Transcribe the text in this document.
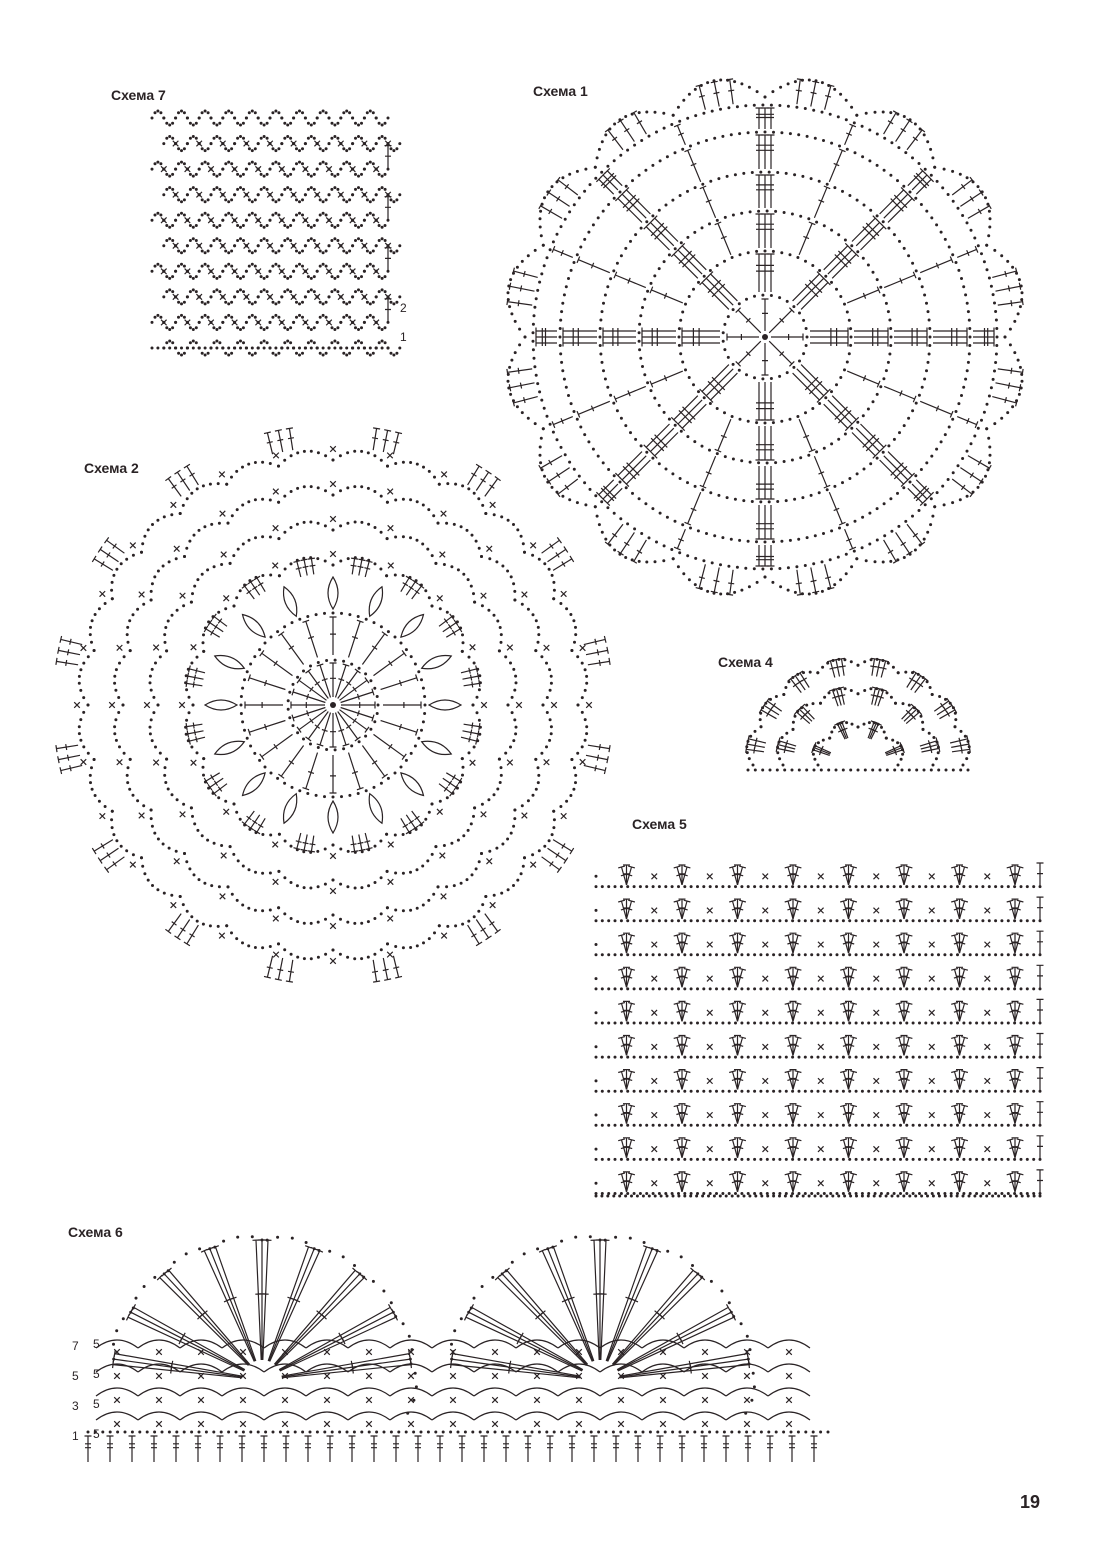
Схема 7	Схема 1
Схема 2
Схема 4
Схема 5
Схема 6
19
2
1
7 5
5 5
3 5
1 5
